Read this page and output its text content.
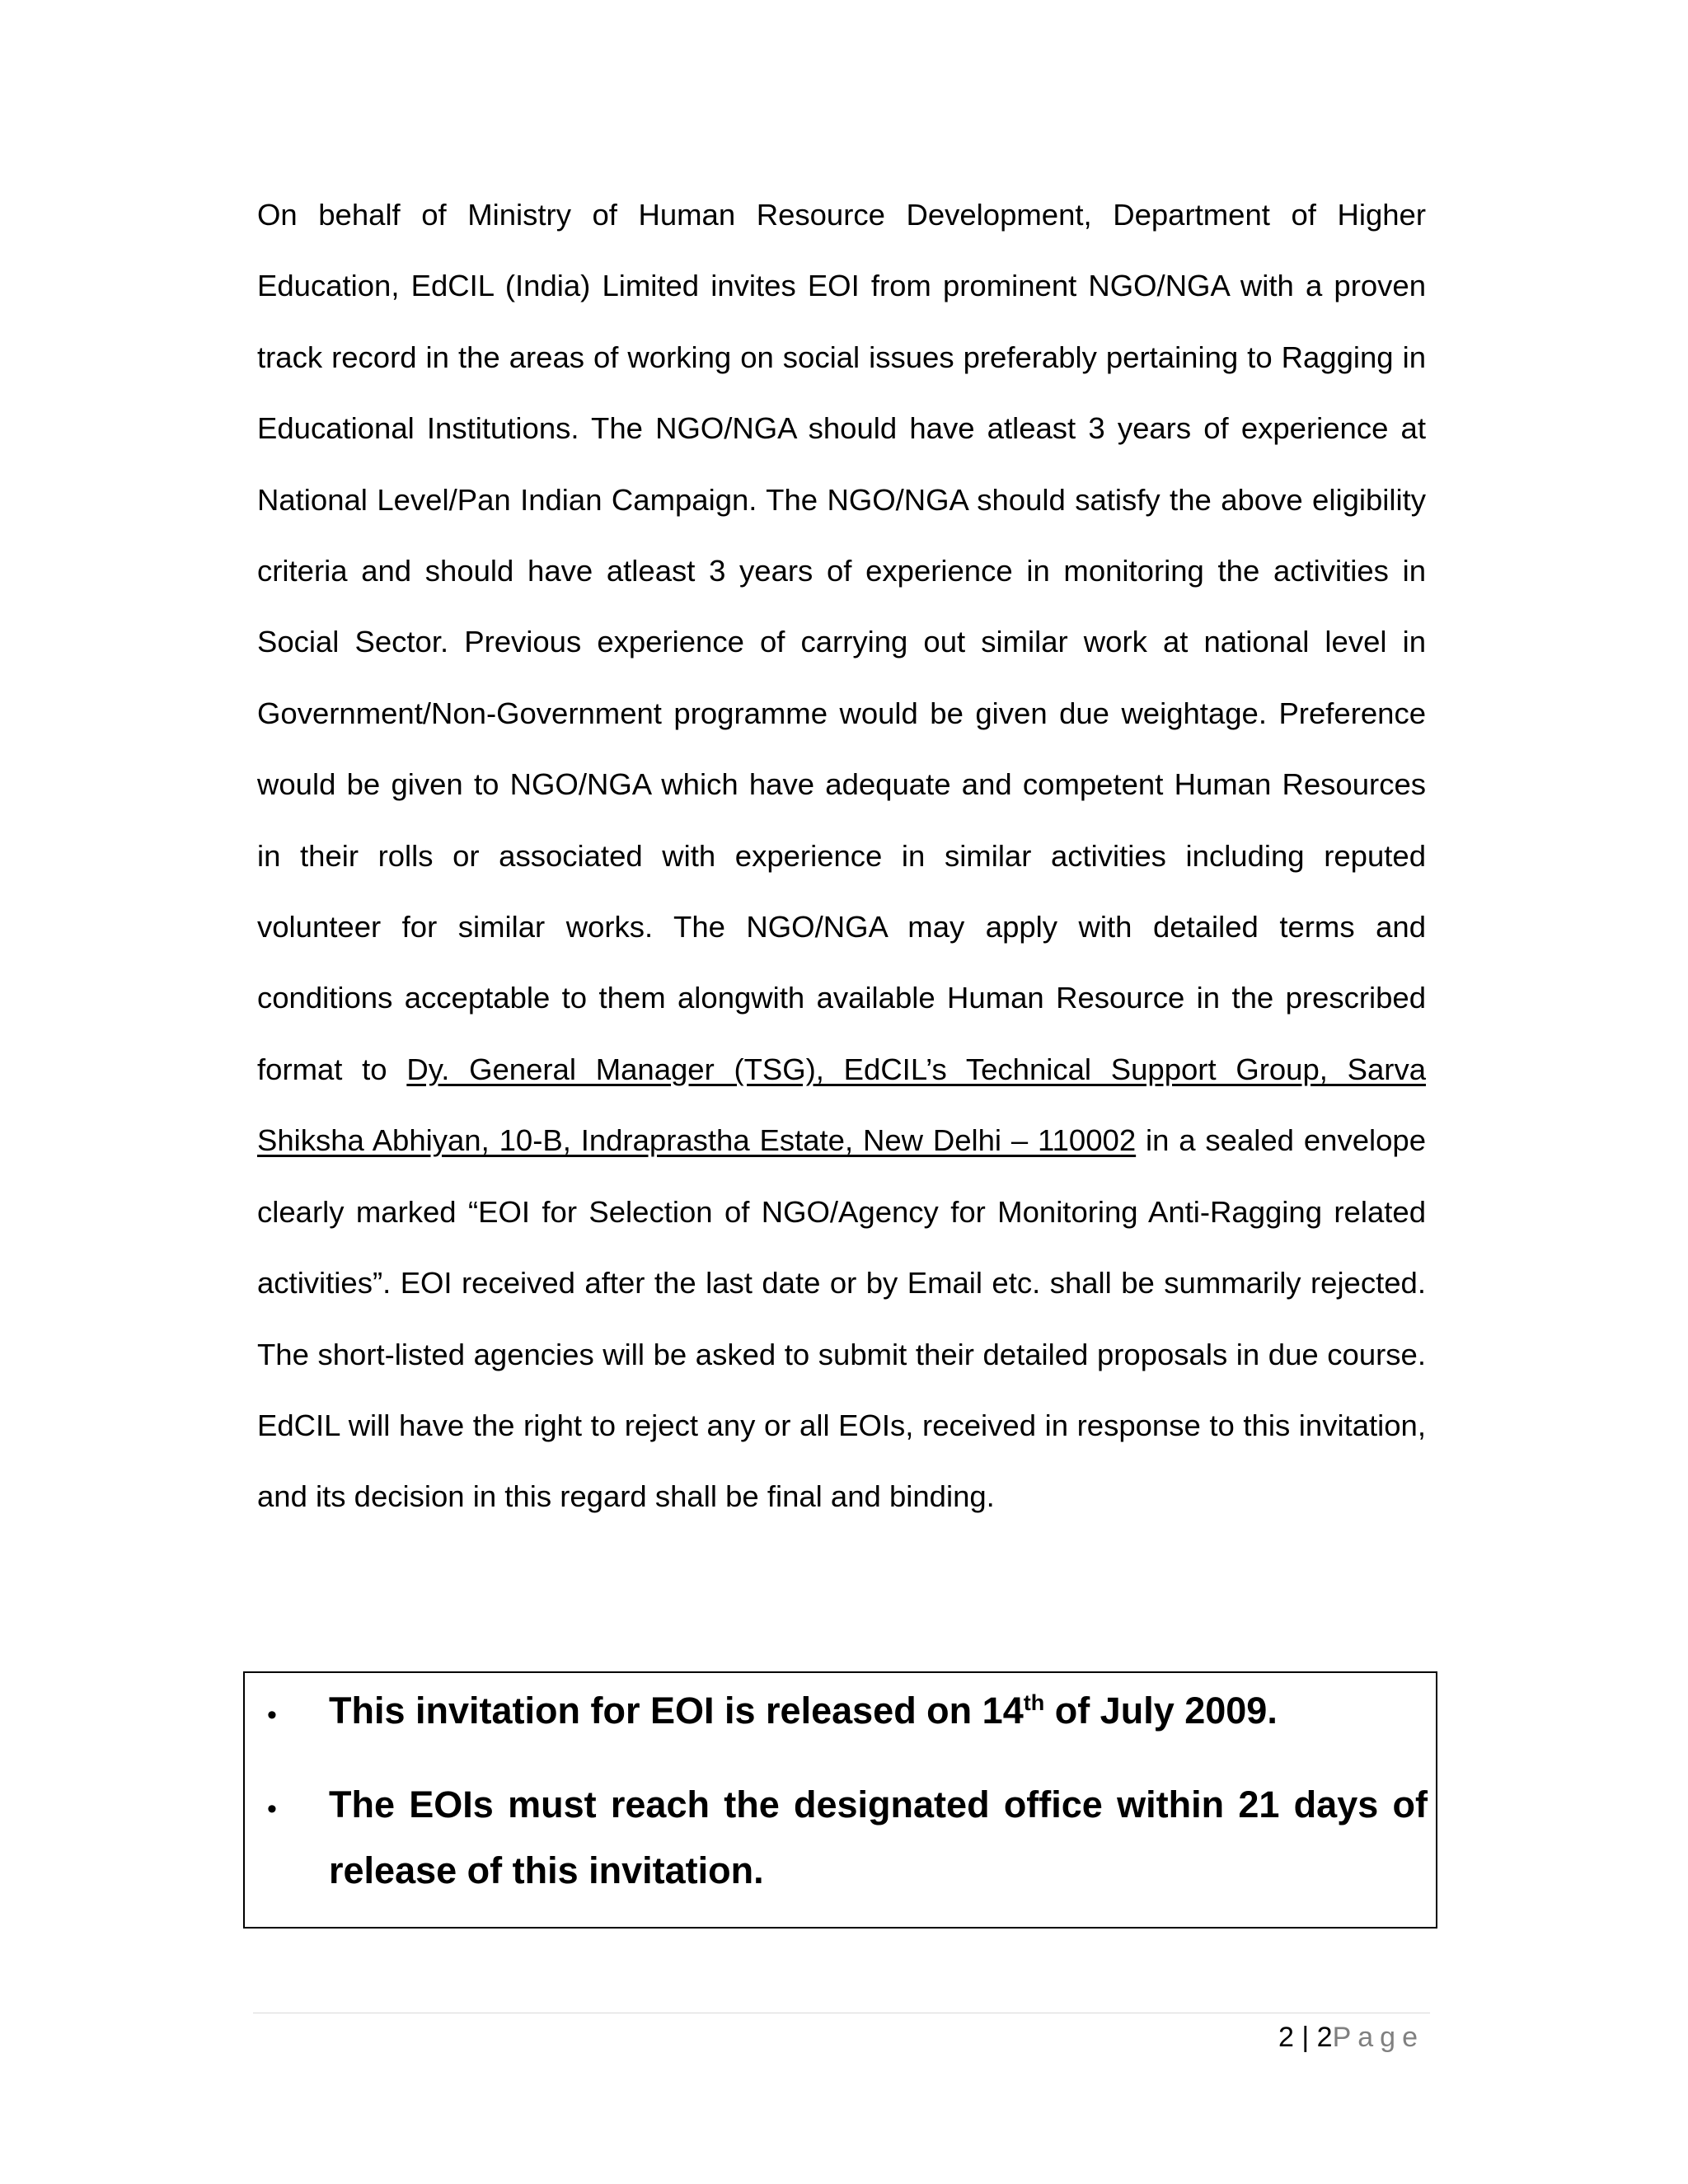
On behalf of Ministry of Human Resource Development, Department of Higher Education, EdCIL (India) Limited invites EOI from prominent NGO/NGA with a proven track record in the areas of working on social issues preferably pertaining to Ragging in Educational Institutions. The NGO/NGA should have atleast 3 years of experience at National Level/Pan Indian Campaign. The NGO/NGA should satisfy the above eligibility criteria and should have atleast 3 years of experience in monitoring the activities in Social Sector. Previous experience of carrying out similar work at national level in Government/Non-Government programme would be given due weightage. Preference would be given to NGO/NGA which have adequate and competent Human Resources in their rolls or associated with experience in similar activities including reputed volunteer for similar works. The NGO/NGA may apply with detailed terms and conditions acceptable to them alongwith available Human Resource in the prescribed format to Dy. General Manager (TSG), EdCIL’s Technical Support Group, Sarva Shiksha Abhiyan, 10-B, Indraprastha Estate, New Delhi – 110002 in a sealed envelope clearly marked “EOI for Selection of NGO/Agency for Monitoring Anti-Ragging related activities”. EOI received after the last date or by Email etc. shall be summarily rejected. The short-listed agencies will be asked to submit their detailed proposals in due course. EdCIL will have the right to reject any or all EOIs, received in response to this invitation, and its decision in this regard shall be final and binding.

• This invitation for EOI is released on 14th of July 2009.

• The EOIs must reach the designated office within 21 days of release of this invitation.

2 | 2Page
